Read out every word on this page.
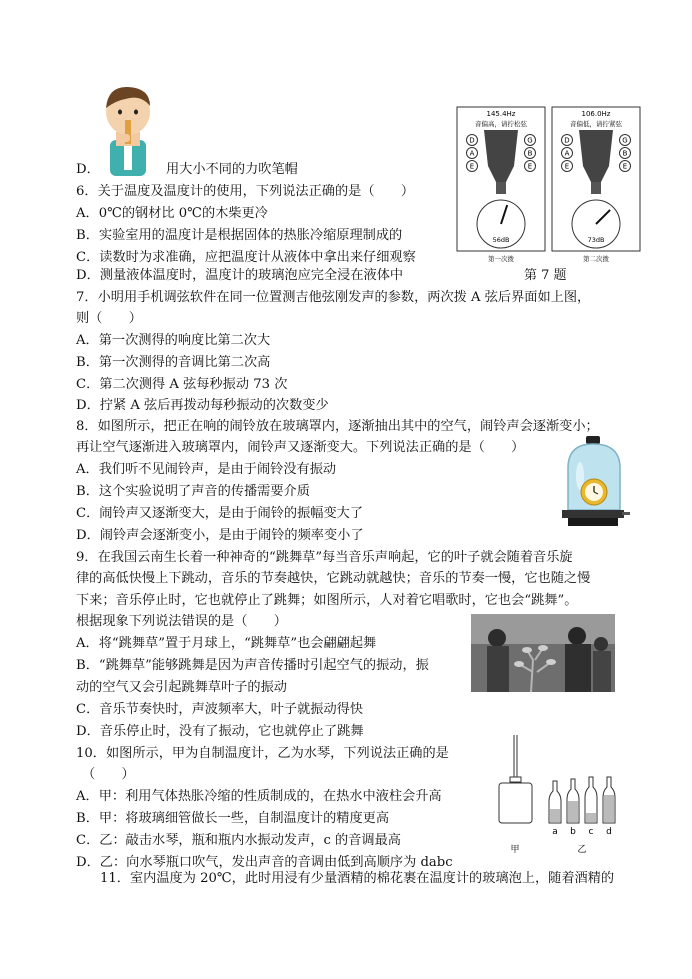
D．	用大小不同的力吹笔帽
6．关于温度及温度计的使用，下列说法正确的是（　　）
A．0℃的钢材比 0℃的木柴更冷
B．实验室用的温度计是根据固体的热胀冷缩原理制成的
C．读数时为求准确，应把温度计从液体中拿出来仔细观察
D．测量液体温度时，温度计的玻璃泡应完全浸在液体中
145.4Hz
音偏高，请拧松弦
D
A
E
G
B
E
56dB
第一次拨
106.0Hz
音偏低，请拧紧弦
D
A
E
G
B
E
73dB
第二次拨
第 7 题
7．小明用手机调弦软件在同一位置测吉他弦刚发声的参数，两次拨 A 弦后界面如上图，
则（　　）
A．第一次测得的响度比第二次大
B．第一次测得的音调比第二次高
C．第二次测得 A 弦每秒振动 73 次
D．拧紧 A 弦后再拨动每秒振动的次数变少
8．如图所示，把正在响的闹铃放在玻璃罩内，逐渐抽出其中的空气，闹铃声会逐渐变小；
再让空气逐渐进入玻璃罩内，闹铃声又逐渐变大。下列说法正确的是（　　）
A．我们听不见闹铃声，是由于闹铃没有振动
B．这个实验说明了声音的传播需要介质
C．闹铃声又逐渐变大，是由于闹铃的振幅变大了
D．闹铃声会逐渐变小，是由于闹铃的频率变小了
9．在我国云南生长着一种神奇的“跳舞草”每当音乐声响起，它的叶子就会随着音乐旋
律的高低快慢上下跳动，音乐的节奏越快，它跳动就越快；音乐的节奏一慢，它也随之慢
下来；音乐停止时，它也就停止了跳舞；如图所示，人对着它唱歌时，它也会“跳舞”。
根据现象下列说法错误的是（　　）
A．将“跳舞草”置于月球上，“跳舞草”也会翩翩起舞
B．“跳舞草”能够跳舞是因为声音传播时引起空气的振动，振
动的空气又会引起跳舞草叶子的振动
C．音乐节奏快时，声波频率大，叶子就振动得快
D．音乐停止时，没有了振动，它也就停止了跳舞
10．如图所示，甲为自制温度计，乙为水琴，下列说法正确的是
（　　）
A．甲：利用气体热胀冷缩的性质制成的，在热水中液柱会升高
B．甲：将玻璃细管做长一些，自制温度计的精度更高
C．乙：敲击水琴，瓶和瓶内水振动发声，c 的音调最高
D．乙：向水琴瓶口吹气，发出声音的音调由低到高顺序为 dabc
a b c d
甲	乙
11．室内温度为 20℃，此时用浸有少量酒精的棉花裹在温度计的玻璃泡上，随着酒精的
